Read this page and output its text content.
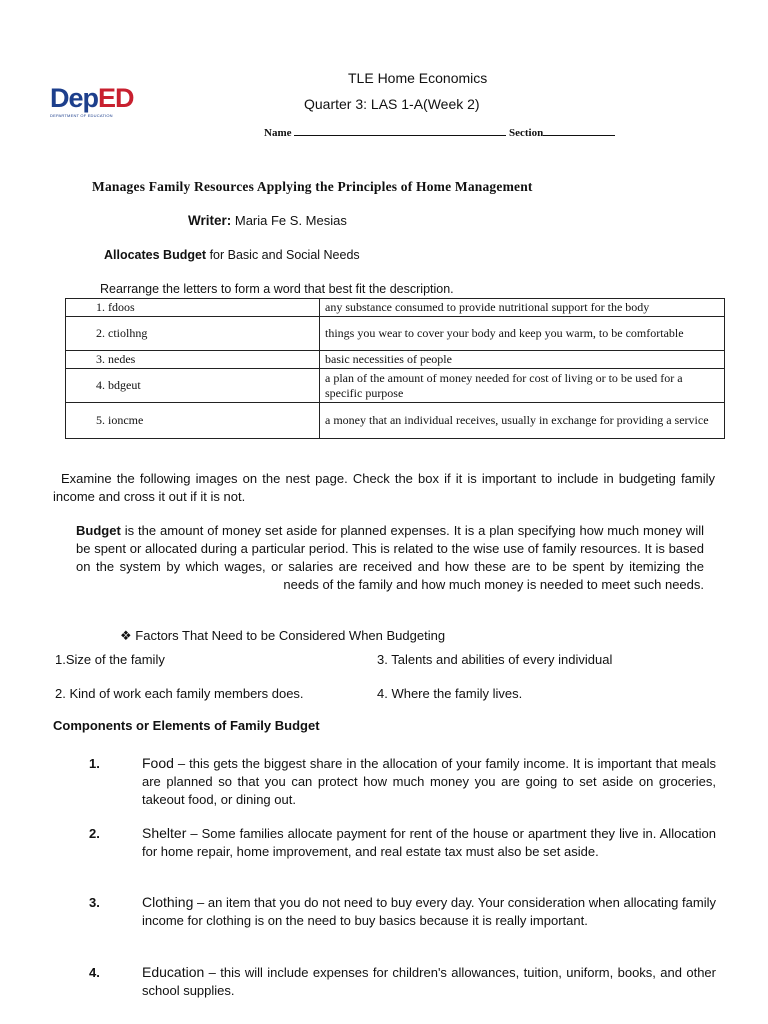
DepED
DEPARTMENT OF EDUCATION
TLE Home Economics
Quarter 3: LAS 1-A(Week 2)
Name	Section
Manages Family Resources Applying the Principles of Home Management
Writer: Maria Fe S. Mesias
Allocates Budget for Basic and Social Needs
Rearrange the letters to form a word that best fit the description.
1. fdoos	any substance consumed to provide nutritional support for the body
2. ctiolhng	things you wear to cover your body and keep you warm, to be comfortable
3. nedes	basic necessities of people
4. bdgeut	a plan of the amount of money needed for cost of living or to be used for a specific purpose
5. ioncme	a money that an individual receives, usually in exchange for providing a service
Examine the following images on the nest page. Check the box if it is important to include in budgeting family income and cross it out if it is not.
Budget is the amount of money set aside for planned expenses. It is a plan specifying how much money will be spent or allocated during a particular period. This is related to the wise use of family resources. It is based on the system by which wages, or salaries are received and how these are to be spent by itemizing the needs of the family and how much money is needed to meet such needs.
❖ Factors That Need to be Considered When Budgeting
1.Size of the family	3. Talents and abilities of every individual
2. Kind of work each family members does.	4. Where the family lives.
Components or Elements of Family Budget
1.	Food – this gets the biggest share in the allocation of your family income. It is important that meals are planned so that you can protect how much money you are going to set aside on groceries, takeout food, or dining out.
2.	Shelter – Some families allocate payment for rent of the house or apartment they live in. Allocation for home repair, home improvement, and real estate tax must also be set aside.
3.	Clothing – an item that you do not need to buy every day. Your consideration when allocating family income for clothing is on the need to buy basics because it is really important.
4.	Education – this will include expenses for children's allowances, tuition, uniform, books, and other school supplies.
